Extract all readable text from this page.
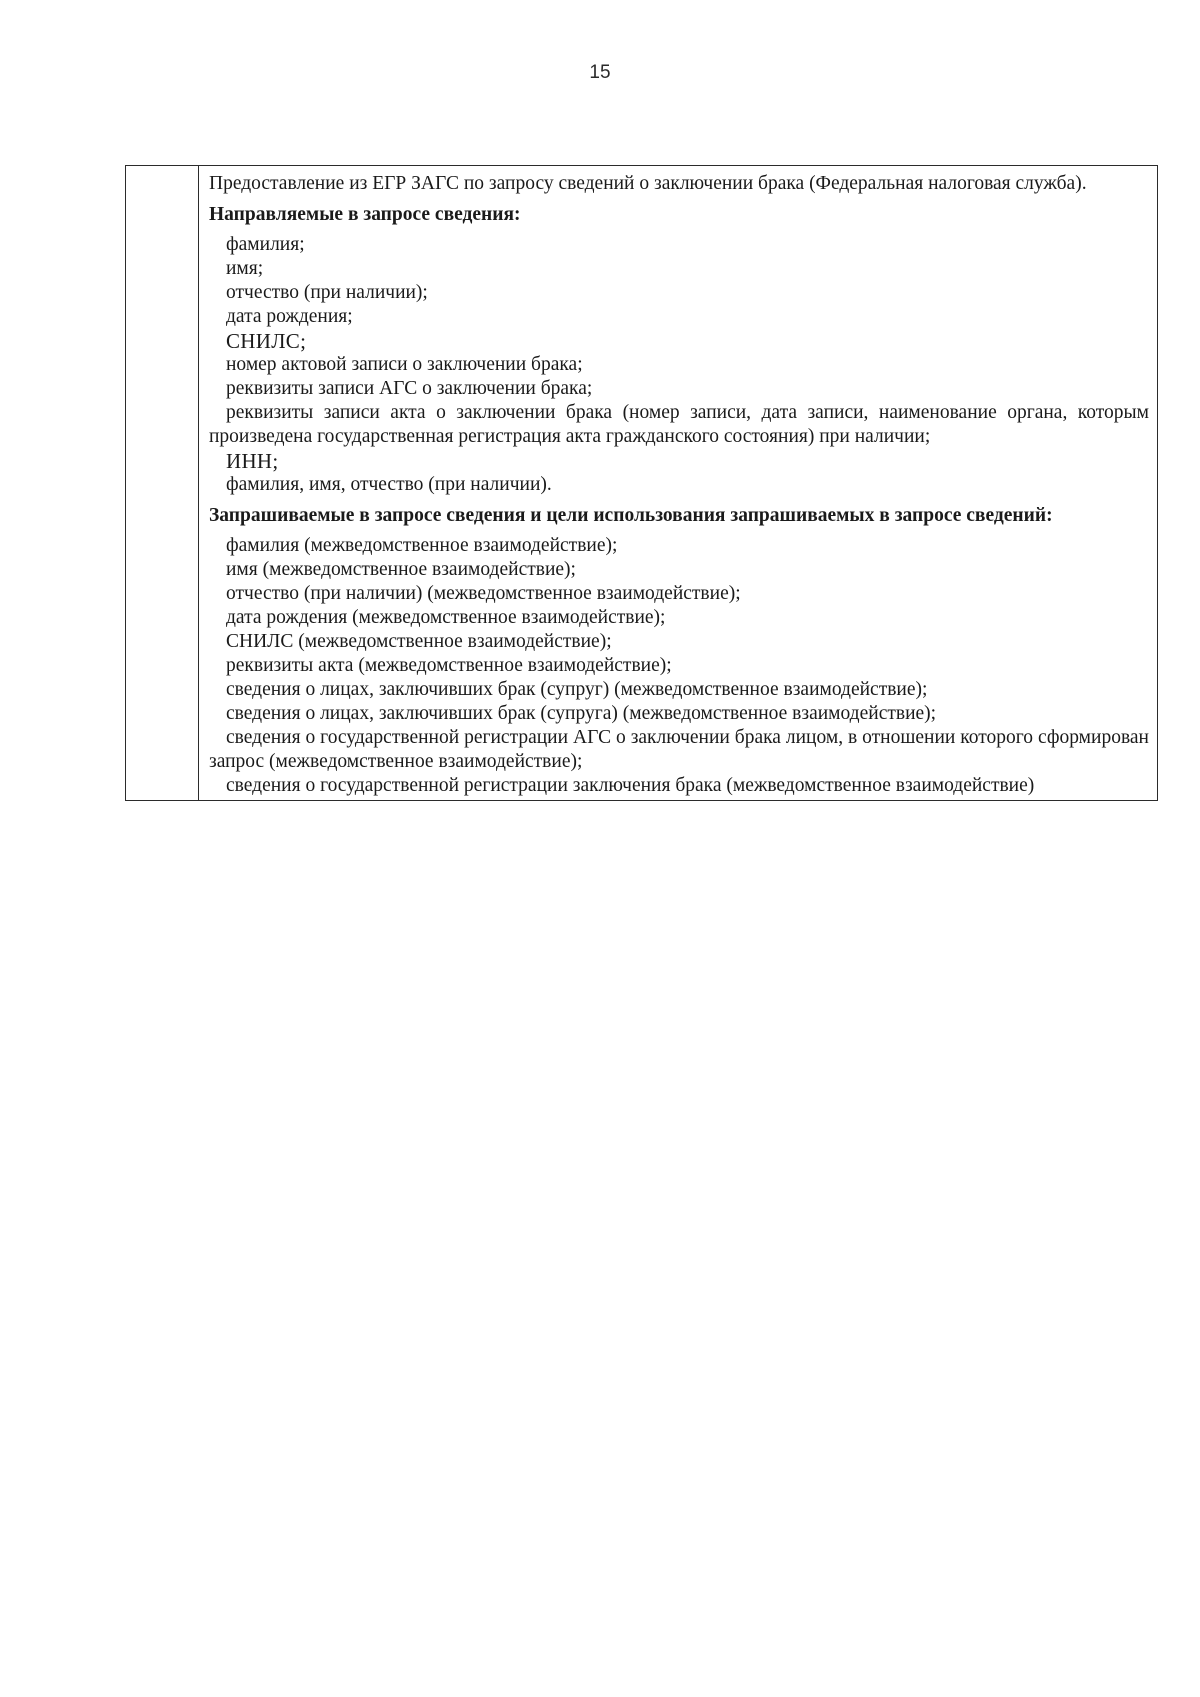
15

Предоставление из ЕГР ЗАГС по запросу сведений о заключении брака (Федеральная налоговая служба).

Направляемые в запросе сведения:

фамилия;

имя;

отчество (при наличии);

дата рождения;

СНИЛС;

номер актовой записи о заключении брака;

реквизиты записи АГС о заключении брака;

реквизиты записи акта о заключении брака (номер записи, дата записи, наименование органа, которым произведена государственная регистрация акта гражданского состояния) при наличии;

ИНН;

фамилия, имя, отчество (при наличии).

Запрашиваемые в запросе сведения и цели использования запрашиваемых в запросе сведений:

фамилия (межведомственное взаимодействие);

имя (межведомственное взаимодействие);

отчество (при наличии) (межведомственное взаимодействие);

дата рождения (межведомственное взаимодействие);

СНИЛС (межведомственное взаимодействие);

реквизиты акта (межведомственное взаимодействие);

сведения о лицах, заключивших брак (супруг) (межведомственное взаимодействие);

сведения о лицах, заключивших брак (супруга) (межведомственное взаимодействие);

сведения о государственной регистрации АГС о заключении брака лицом, в отношении которого сформирован запрос (межведомственное взаимодействие);

сведения о государственной регистрации заключения брака (межведомственное взаимодействие)
